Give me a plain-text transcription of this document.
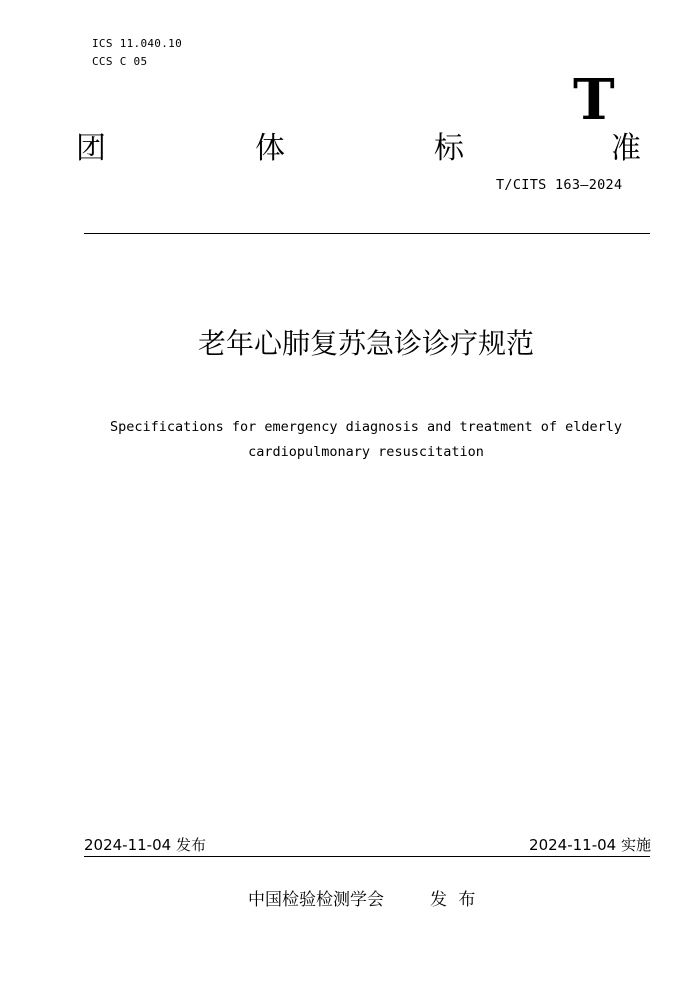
ICS 11.040.10
CCS C 05
T
团	体	标	准
T/CITS 163—2024
老年心肺复苏急诊诊疗规范
Specifications for emergency diagnosis and treatment of elderly
cardiopulmonary resuscitation
2024-11-04 发布	2024-11-04 实施
中国检验检测学会	发 布
